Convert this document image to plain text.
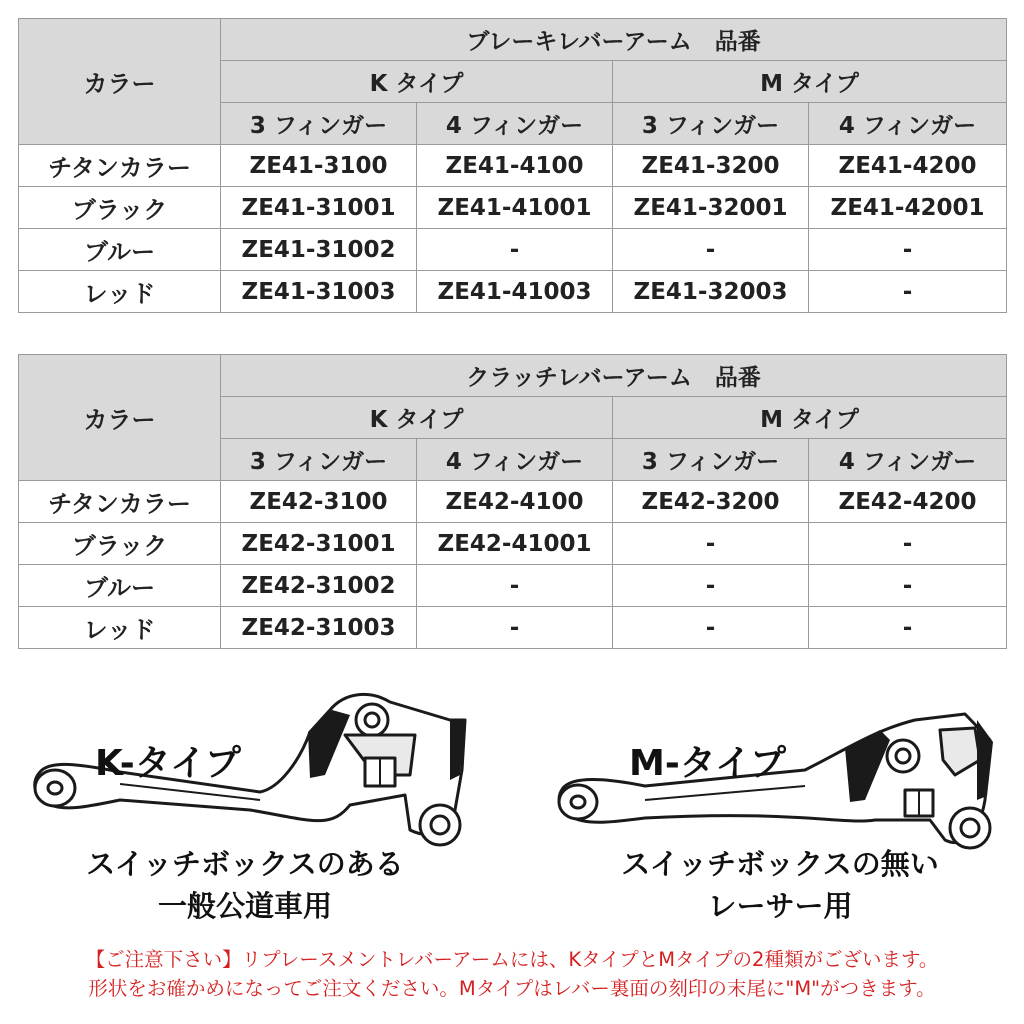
カラー	ブレーキレバーアーム　品番			
	K タイプ		M タイプ	
	3 フィンガー	4 フィンガー	3 フィンガー	4 フィンガー
チタンカラー	ZE41-3100	ZE41-4100	ZE41-3200	ZE41-4200
ブラック	ZE41-31001	ZE41-41001	ZE41-32001	ZE41-42001
ブルー	ZE41-31002	-	-	-
レッド	ZE41-31003	ZE41-41003	ZE41-32003	-
カラー	クラッチレバーアーム　品番			
	K タイプ		M タイプ	
	3 フィンガー	4 フィンガー	3 フィンガー	4 フィンガー
チタンカラー	ZE42-3100	ZE42-4100	ZE42-3200	ZE42-4200
ブラック	ZE42-31001	ZE42-41001	-	-
ブルー	ZE42-31002	-	-	-
レッド	ZE42-31003	-	-	-
K-タイプ	M-タイプ
スイッチボックスのある
一般公道車用
スイッチボックスの無い
レーサー用
【ご注意下さい】リプレースメントレバーアームには、KタイプとMタイプの2種類がございます。
形状をお確かめになってご注文ください。Mタイプはレバー裏面の刻印の末尾に"M"がつきます。
